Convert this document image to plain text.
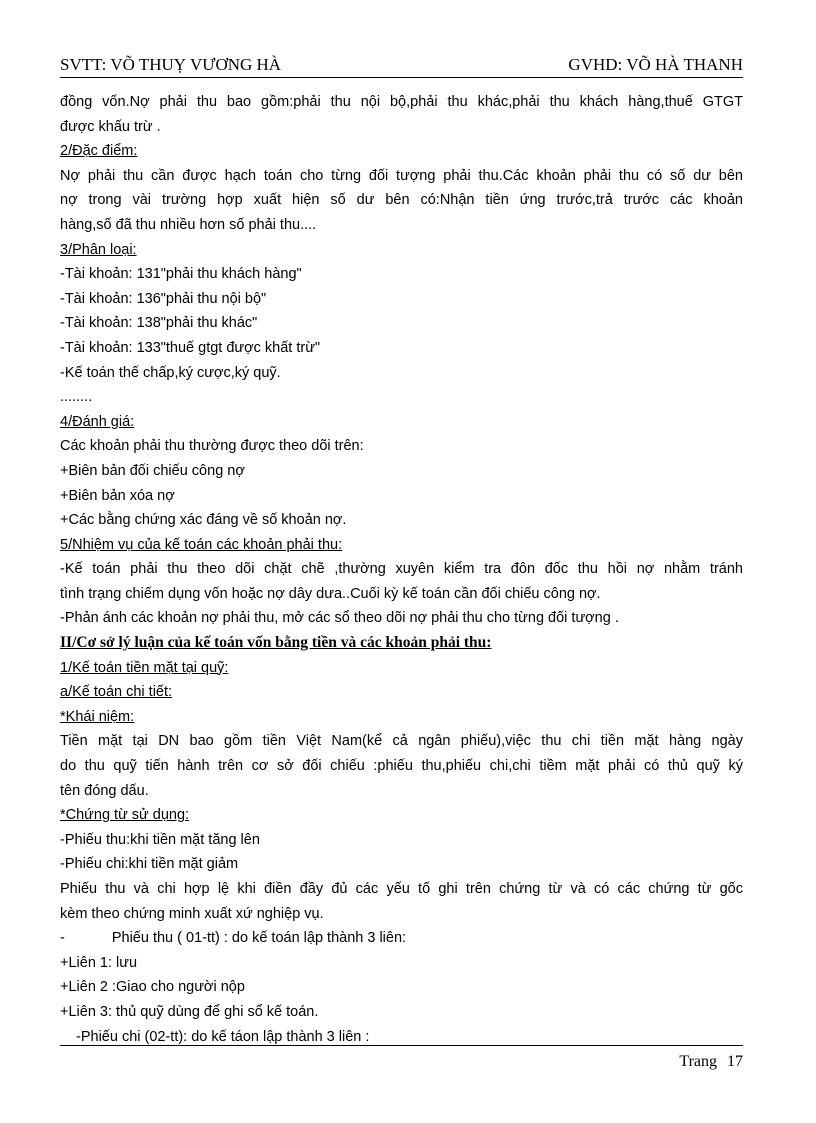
SVTT: VÕ THUỴ VƯƠNG HÀ	GVHD: VÕ HÀ THANH
đồng vốn.Nợ phải thu bao gồm:phải thu nội bộ,phải thu khác,phải thu khách hàng,thuế GTGT
được khấu trừ .
2/Đặc điểm:
Nợ phải thu cần được hạch toán cho từng đối tượng phải thu.Các khoản phải thu có số dư bên
nợ trong vài trường hợp xuất hiện số dư bên có:Nhận tiền ứng trước,trả trước các khoản
hàng,số đã thu nhiều hơn số phải thu....
3/Phân loại:
-Tài khoản: 131"phải thu khách hàng"
-Tài khoản: 136"phải thu nội bộ"
-Tài khoản: 138"phải thu khác"
-Tài khoản: 133"thuế gtgt được khất trừ"
-Kế toán thế chấp,ký cược,ký quỹ.
........
4/Đánh giá:
Các khoản phải thu thường được theo dõi trên:
+Biên bản đối chiếu công nợ
+Biên bản xóa nợ
+Các bằng chứng xác đáng về số khoản nợ.
5/Nhiệm vụ của kế toán các khoản phải thu:
-Kế toán phải thu theo dõi chặt chẽ ,thường xuyên kiểm tra đôn đốc thu hồi nợ nhằm tránh
tình trạng chiếm dụng vốn hoặc nợ dây dưa..Cuối kỳ kế toán cần đối chiếu công nợ.
-Phản ánh các khoản nợ phải thu, mở các sổ theo dõi nợ phải thu cho từng đối tượng .
II/Cơ sở lý luận của kế toán vốn bằng tiền và các khoản phải thu:
1/Kế toán tiền mặt tại quỹ:
a/Kế toán chi tiết:
*Khái niệm:
Tiền mặt tại DN bao gồm tiền Việt Nam(kể cả ngân phiếu),việc thu chi tiền mặt hàng ngày
do thu quỹ tiến hành trên cơ sở đối chiếu :phiếu thu,phiếu chi,chi tiềm mặt phải có thủ quỹ ký
tên đóng dấu.
*Chứng từ sử dụng:
-Phiếu thu:khi tiền mặt tăng lên
-Phiếu chi:khi tiền mặt giảm
Phiếu thu và chi hợp lệ khi điền đầy đủ các yếu tố ghi trên chứng từ và có các chứng từ gốc
kèm theo chứng minh xuất xứ nghiệp vụ.
-	Phiếu thu ( 01-tt) : do kế toán lập thành 3 liên:
+Liên 1: lưu
+Liên 2 :Giao cho người nộp
+Liên 3: thủ quỹ dùng để ghi sổ kế toán.
-Phiếu chi (02-tt): do kế táon lập thành 3 liên :
Trang 17
